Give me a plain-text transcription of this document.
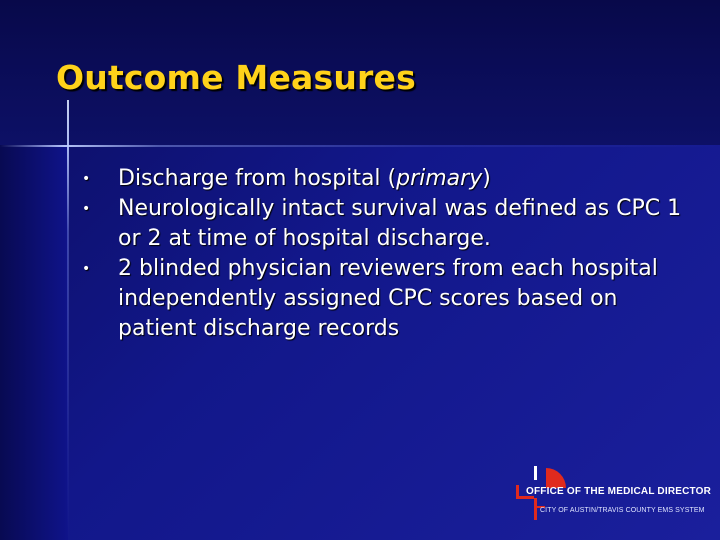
Outcome Measures
• Discharge from hospital (primary)
• Neurologically intact survival was defined as CPC 1 or 2 at time of hospital discharge.
• 2 blinded physician reviewers from each hospital independently assigned CPC scores based on patient discharge records
OFFICE OF THE MEDICAL DIRECTOR
CITY OF AUSTIN/TRAVIS COUNTY EMS SYSTEM
